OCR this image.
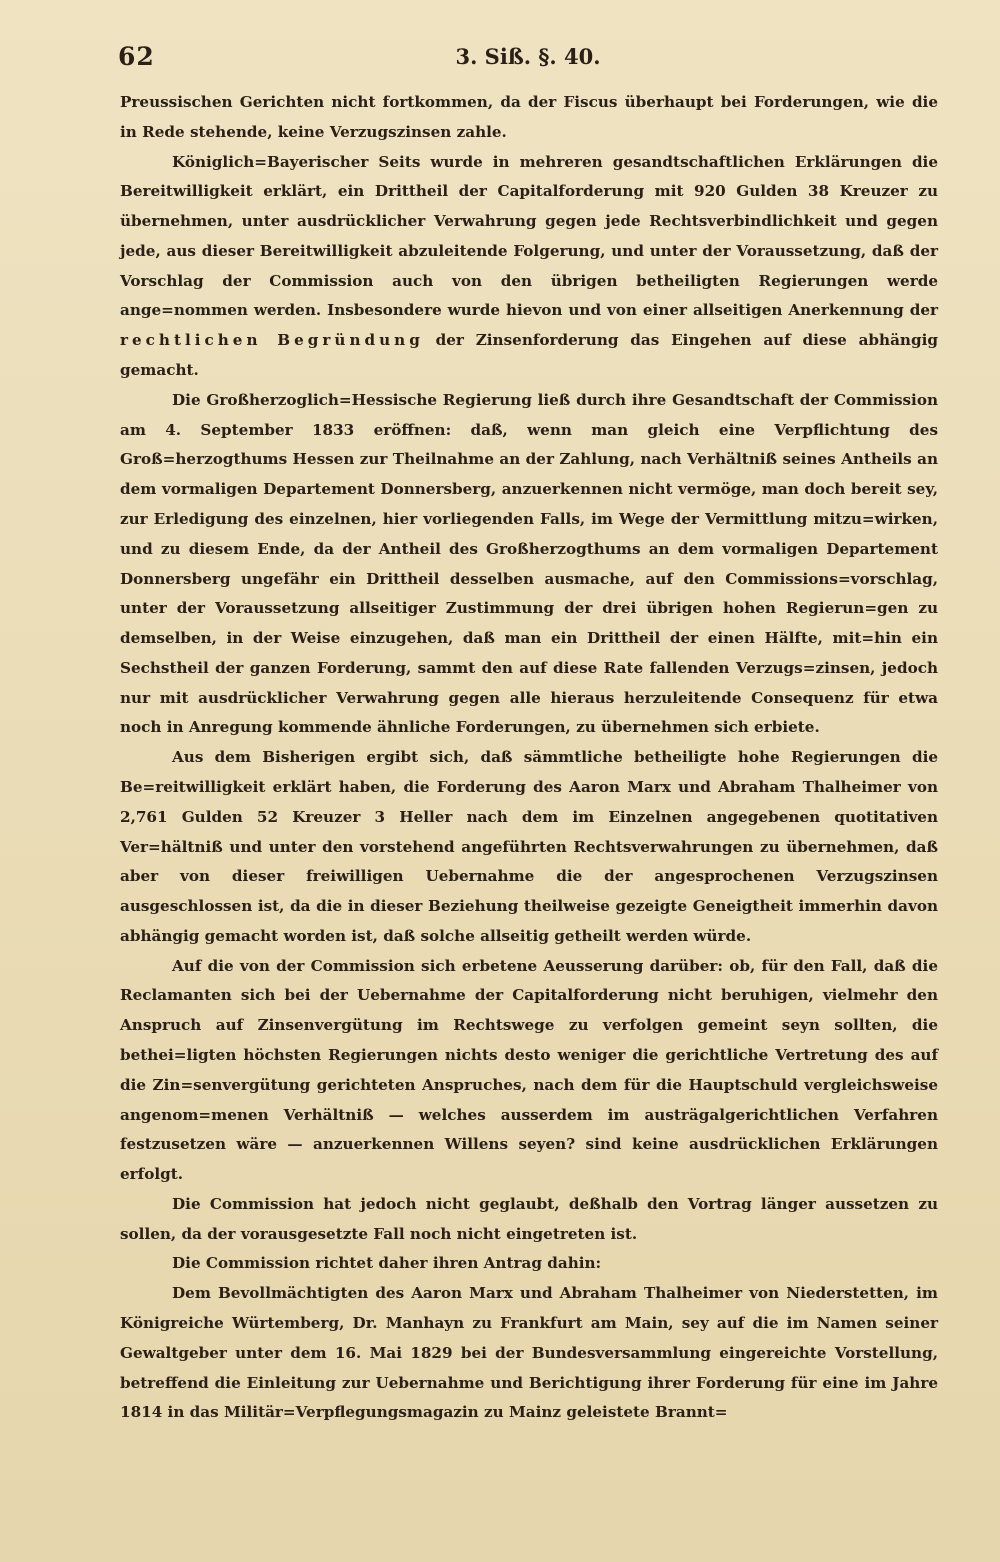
62	3. Siß. §. 40.

Preussischen Gerichten nicht fortkommen, da der Fiscus überhaupt bei Forderungen, wie die in Rede stehende, keine Verzugszinsen zahle.

Königlich=Bayerischer Seits wurde in mehreren gesandtschaftlichen Erklärungen die Bereitwilligkeit erklärt, ein Drittheil der Capitalforderung mit 920 Gulden 38 Kreuzer zu übernehmen, unter ausdrücklicher Verwahrung gegen jede Rechtsverbindlichkeit und gegen jede, aus dieser Bereitwilligkeit abzuleitende Folgerung, und unter der Voraussetzung, daß der Vorschlag der Commission auch von den übrigen betheiligten Regierungen werde ange=nommen werden. Insbesondere wurde hievon und von einer allseitigen Anerkennung der rechtlichen Begründung der Zinsenforderung das Eingehen auf diese abhängig gemacht.

Die Großherzoglich=Hessische Regierung ließ durch ihre Gesandtschaft der Commission am 4. September 1833 eröffnen: daß, wenn man gleich eine Verpflichtung des Groß=herzogthums Hessen zur Theilnahme an der Zahlung, nach Verhältniß seines Antheils an dem vormaligen Departement Donnersberg, anzuerkennen nicht vermöge, man doch bereit sey, zur Erledigung des einzelnen, hier vorliegenden Falls, im Wege der Vermittlung mitzu=wirken, und zu diesem Ende, da der Antheil des Großherzogthums an dem vormaligen Departement Donnersberg ungefähr ein Drittheil desselben ausmache, auf den Commissions=vorschlag, unter der Voraussetzung allseitiger Zustimmung der drei übrigen hohen Regierun=gen zu demselben, in der Weise einzugehen, daß man ein Drittheil der einen Hälfte, mit=hin ein Sechstheil der ganzen Forderung, sammt den auf diese Rate fallenden Verzugs=zinsen, jedoch nur mit ausdrücklicher Verwahrung gegen alle hieraus herzuleitende Consequenz für etwa noch in Anregung kommende ähnliche Forderungen, zu übernehmen sich erbiete.

Aus dem Bisherigen ergibt sich, daß sämmtliche betheiligte hohe Regierungen die Be=reitwilligkeit erklärt haben, die Forderung des Aaron Marx und Abraham Thalheimer von 2,761 Gulden 52 Kreuzer 3 Heller nach dem im Einzelnen angegebenen quotitativen Ver=hältniß und unter den vorstehend angeführten Rechtsverwahrungen zu übernehmen, daß aber von dieser freiwilligen Uebernahme die der angesprochenen Verzugszinsen ausgeschlossen ist, da die in dieser Beziehung theilweise gezeigte Geneigtheit immerhin davon abhängig gemacht worden ist, daß solche allseitig getheilt werden würde.

Auf die von der Commission sich erbetene Aeusserung darüber: ob, für den Fall, daß die Reclamanten sich bei der Uebernahme der Capitalforderung nicht beruhigen, vielmehr den Anspruch auf Zinsenvergütung im Rechtswege zu verfolgen gemeint seyn sollten, die bethei=ligten höchsten Regierungen nichts desto weniger die gerichtliche Vertretung des auf die Zin=senvergütung gerichteten Anspruches, nach dem für die Hauptschuld vergleichsweise angenom=menen Verhältniß — welches ausserdem im austrägalgerichtlichen Verfahren festzusetzen wäre — anzuerkennen Willens seyen? sind keine ausdrücklichen Erklärungen erfolgt.

Die Commission hat jedoch nicht geglaubt, deßhalb den Vortrag länger aussetzen zu sollen, da der vorausgesetzte Fall noch nicht eingetreten ist.

Die Commission richtet daher ihren Antrag dahin:

Dem Bevollmächtigten des Aaron Marx und Abraham Thalheimer von Niederstetten, im Königreiche Würtemberg, Dr. Manhayn zu Frankfurt am Main, sey auf die im Namen seiner Gewaltgeber unter dem 16. Mai 1829 bei der Bundesversammlung eingereichte Vorstellung, betreffend die Einleitung zur Uebernahme und Berichtigung ihrer Forderung für eine im Jahre 1814 in das Militär=Verpflegungsmagazin zu Mainz geleistete Brannt=
